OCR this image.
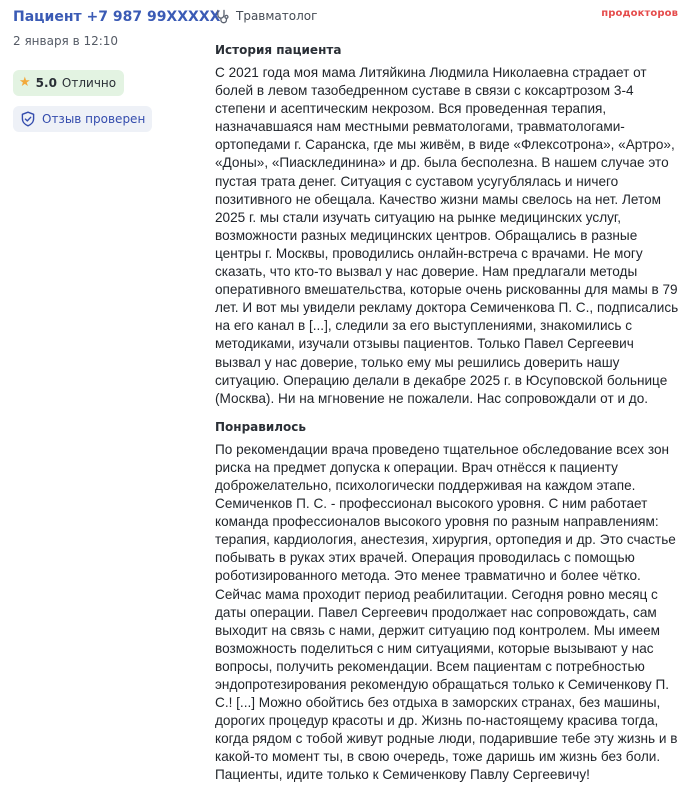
Пациент +7 987 99XXXXX
2 января в 12:10
★ 5.0 Отлично
Отзыв проверен
Травматолог
История пациента

С 2021 года моя мама Литяйкина Людмила Николаевна страдает от болей в левом тазобедренном суставе в связи с коксартрозом 3-4 степени и асептическим некрозом. Вся проведенная терапия, назначавшаяся нам местными ревматологами, травматологами-ортопедами г. Саранска, где мы живём, в виде «Флексотрона», «Артро», «Доны», «Пиасклединина» и др. была бесполезна. В нашем случае это пустая трата денег. Ситуация с суставом усугублялась и ничего позитивного не обещала. Качество жизни мамы свелось на нет. Летом 2025 г. мы стали изучать ситуацию на рынке медицинских услуг, возможности разных медицинских центров. Обращались в разные центры г. Москвы, проводились онлайн-встреча с врачами. Не могу сказать, что кто-то вызвал у нас доверие. Нам предлагали методы оперативного вмешательства, которые очень рискованны для мамы в 79 лет. И вот мы увидели рекламу доктора Семиченкова П. С., подписались на его канал в [...], следили за его выступлениями, знакомились с методиками, изучали отзывы пациентов. Только Павел Сергеевич вызвал у нас доверие, только ему мы решились доверить нашу ситуацию. Операцию делали в декабре 2025 г. в Юсуповской больнице (Москва). Ни на мгновение не пожалели. Нас сопровождали от и до.

Понравилось

По рекомендации врача проведено тщательное обследование всех зон риска на предмет допуска к операции. Врач отнёсся к пациенту доброжелательно, психологически поддерживая на каждом этапе. Семиченков П. С. - профессионал высокого уровня. С ним работает команда профессионалов высокого уровня по разным направлениям: терапия, кардиология, анестезия, хирургия, ортопедия и др. Это счастье побывать в руках этих врачей. Операция проводилась с помощью роботизированного метода. Это менее травматично и более чётко. Сейчас мама проходит период реабилитации. Сегодня ровно месяц с даты операции. Павел Сергеевич продолжает нас сопровождать, сам выходит на связь с нами, держит ситуацию под контролем. Мы имеем возможность поделиться с ним ситуациями, которые вызывают у нас вопросы, получить рекомендации. Всем пациентам с потребностью эндопротезирования рекомендую обращаться только к Семиченкову П. С.! [...] Можно обойтись без отдыха в заморских странах, без машины, дорогих процедур красоты и др. Жизнь по-настоящему красива тогда, когда рядом с тобой живут родные люди, подарившие тебе эту жизнь и в какой-то момент ты, в свою очередь, тоже даришь им жизнь без боли. Пациенты, идите только к Семиченкову Павлу Сергеевичу!

продокторов
